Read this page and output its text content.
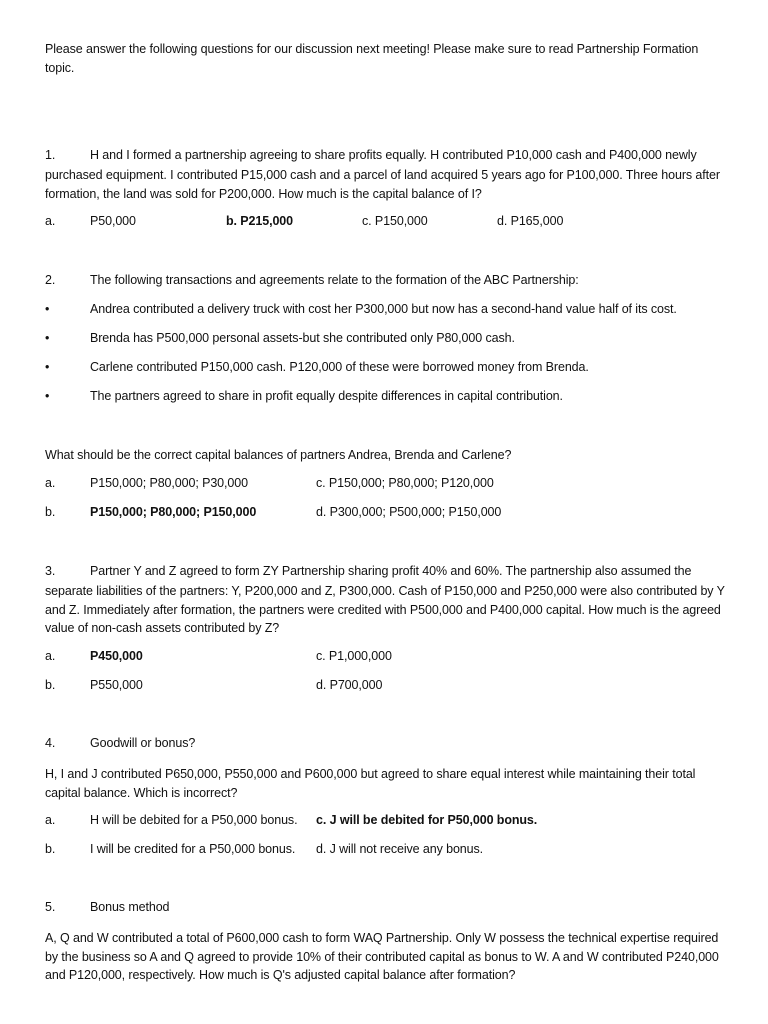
Please answer the following questions for our discussion next meeting! Please make sure to read Partnership Formation topic.
1.	H and I formed a partnership agreeing to share profits equally. H contributed P10,000 cash and P400,000 newly
purchased equipment. I contributed P15,000 cash and a parcel of land acquired 5 years ago for P100,000. Three hours after formation, the land was sold for P200,000. How much is the capital balance of I?
a.	P50,000	b. P215,000	c. P150,000	d. P165,000
2.	The following transactions and agreements relate to the formation of the ABC Partnership:
•	Andrea contributed a delivery truck with cost her P300,000 but now has a second-hand value half of its cost.
•	Brenda has P500,000 personal assets-but she contributed only P80,000 cash.
•	Carlene contributed P150,000 cash. P120,000 of these were borrowed money from Brenda.
•	The partners agreed to share in profit equally despite differences in capital contribution.
What should be the correct capital balances of partners Andrea, Brenda and Carlene?
a.	P150,000; P80,000; P30,000	c. P150,000; P80,000; P120,000
b.	P150,000; P80,000; P150,000	d. P300,000; P500,000; P150,000
3.	Partner Y and Z agreed to form ZY Partnership sharing profit 40% and 60%. The partnership also assumed the
separate liabilities of the partners: Y, P200,000 and Z, P300,000. Cash of P150,000 and P250,000 were also contributed by Y and Z. Immediately after formation, the partners were credited with P500,000 and P400,000 capital. How much is the agreed value of non-cash assets contributed by Z?
a.	P450,000	c. P1,000,000
b.	P550,000	d. P700,000
4.	Goodwill or bonus?
H, I and J contributed P650,000, P550,000 and P600,000 but agreed to share equal interest while maintaining their total capital balance. Which is incorrect?
a.	H will be debited for a P50,000 bonus. c. J will be debited for P50,000 bonus.
b.	I will be credited for a P50,000 bonus. d. J will not receive any bonus.
5.	Bonus method
A, Q and W contributed a total of P600,000 cash to form WAQ Partnership. Only W possess the technical expertise required by the business so A and Q agreed to provide 10% of their contributed capital as bonus to W. A and W contributed P240,000 and P120,000, respectively. How much is Q's adjusted capital balance after formation?
